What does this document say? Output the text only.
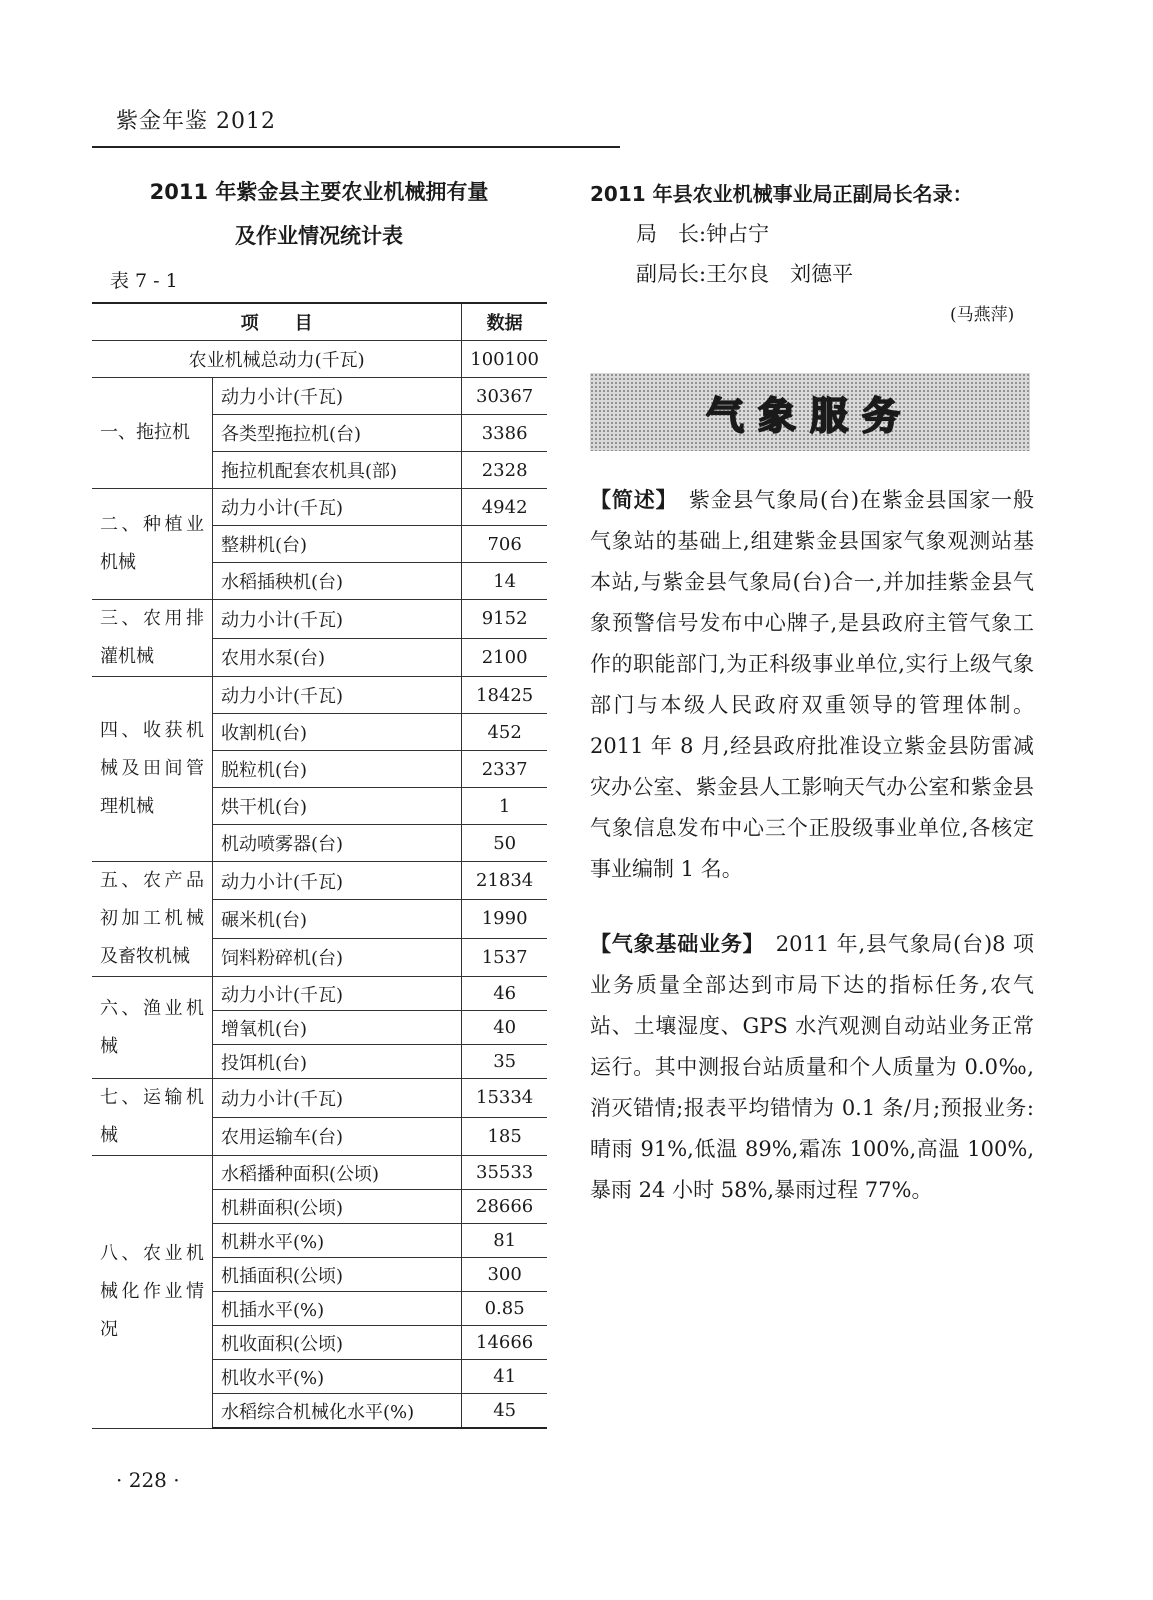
紫金年鉴 2012
2011 年紫金县主要农业机械拥有量
及作业情况统计表
表 7 - 1
项　　目		数据
农业机械总动力(千瓦)		100100
一、拖拉机	动力小计(千瓦)	30367
	各类型拖拉机(台)	3386
	拖拉机配套农机具(部)	2328
二、种植业机械	动力小计(千瓦)	4942
	整耕机(台)	706
	水稻插秧机(台)	14
三、农用排灌机械	动力小计(千瓦)	9152
	农用水泵(台)	2100
四、收获机械及田间管理机械	动力小计(千瓦)	18425
	收割机(台)	452
	脱粒机(台)	2337
	烘干机(台)	1
	机动喷雾器(台)	50
五、农产品初加工机械及畜牧机械	动力小计(千瓦)	21834
	碾米机(台)	1990
	饲料粉碎机(台)	1537
六、渔业机械	动力小计(千瓦)	46
	增氧机(台)	40
	投饵机(台)	35
七、运输机械	动力小计(千瓦)	15334
	农用运输车(台)	185
八、农业机械化作业情况	水稻播种面积(公顷)	35533
	机耕面积(公顷)	28666
	机耕水平(%)	81
	机插面积(公顷)	300
	机插水平(%)	0.85
	机收面积(公顷)	14666
	机收水平(%)	41
	水稻综合机械化水平(%)	45
· 228 ·
2011 年县农业机械事业局正副局长名录：
局　长:钟占宁
副局长:王尔良　刘德平
(马燕萍)
气象服务
【简述】　紫金县气象局(台)在紫金县国家一般气象站的基础上,组建紫金县国家气象观测站基本站,与紫金县气象局(台)合一,并加挂紫金县气象预警信号发布中心牌子,是县政府主管气象工作的职能部门,为正科级事业单位,实行上级气象部门与本级人民政府双重领导的管理体制。2011 年 8 月,经县政府批准设立紫金县防雷减灾办公室、紫金县人工影响天气办公室和紫金县气象信息发布中心三个正股级事业单位,各核定事业编制 1 名。
【气象基础业务】　2011 年,县气象局(台)8 项业务质量全部达到市局下达的指标任务,农气站、土壤湿度、GPS 水汽观测自动站业务正常运行。其中测报台站质量和个人质量为 0.0‰,消灭错情;报表平均错情为 0.1 条/月;预报业务:晴雨 91%,低温 89%,霜冻 100%,高温 100%,暴雨 24 小时 58%,暴雨过程 77%。
